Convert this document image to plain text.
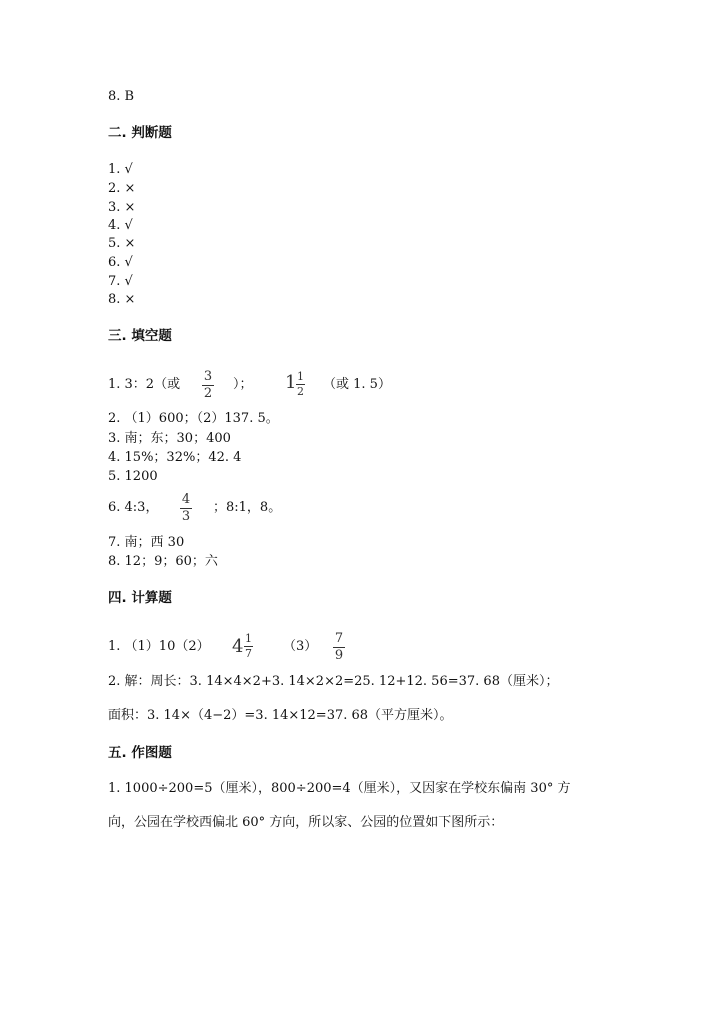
8. B
二. 判断题
1. √
2. ×
3. ×
4. √
5. ×
6. √
7. √
8. ×
三. 填空题
1. 3：2（或
3
2
）； 1 1
2 （或 1. 5）
2. （1）600；（2）137. 5。
3. 南；东；30；400
4. 15%；32%；42. 4
5. 1200
6. 4:3，
4
3
；8:1，8。
7. 南；西 30
8. 12；9；60；六
四. 计算题
1. （1）10（2） 4 1
7 （3）
7
9
2. 解：周长：3. 14×4×2+3. 14×2×2=25. 12+12. 56=37. 68（厘米）；
面积：3. 14×（4−2）=3. 14×12=37. 68（平方厘米）。
五. 作图题
1. 1000÷200=5（厘米），800÷200=4（厘米），又因家在学校东偏南 30° 方
向，公园在学校西偏北 60° 方向，所以家、公园的位置如下图所示：
